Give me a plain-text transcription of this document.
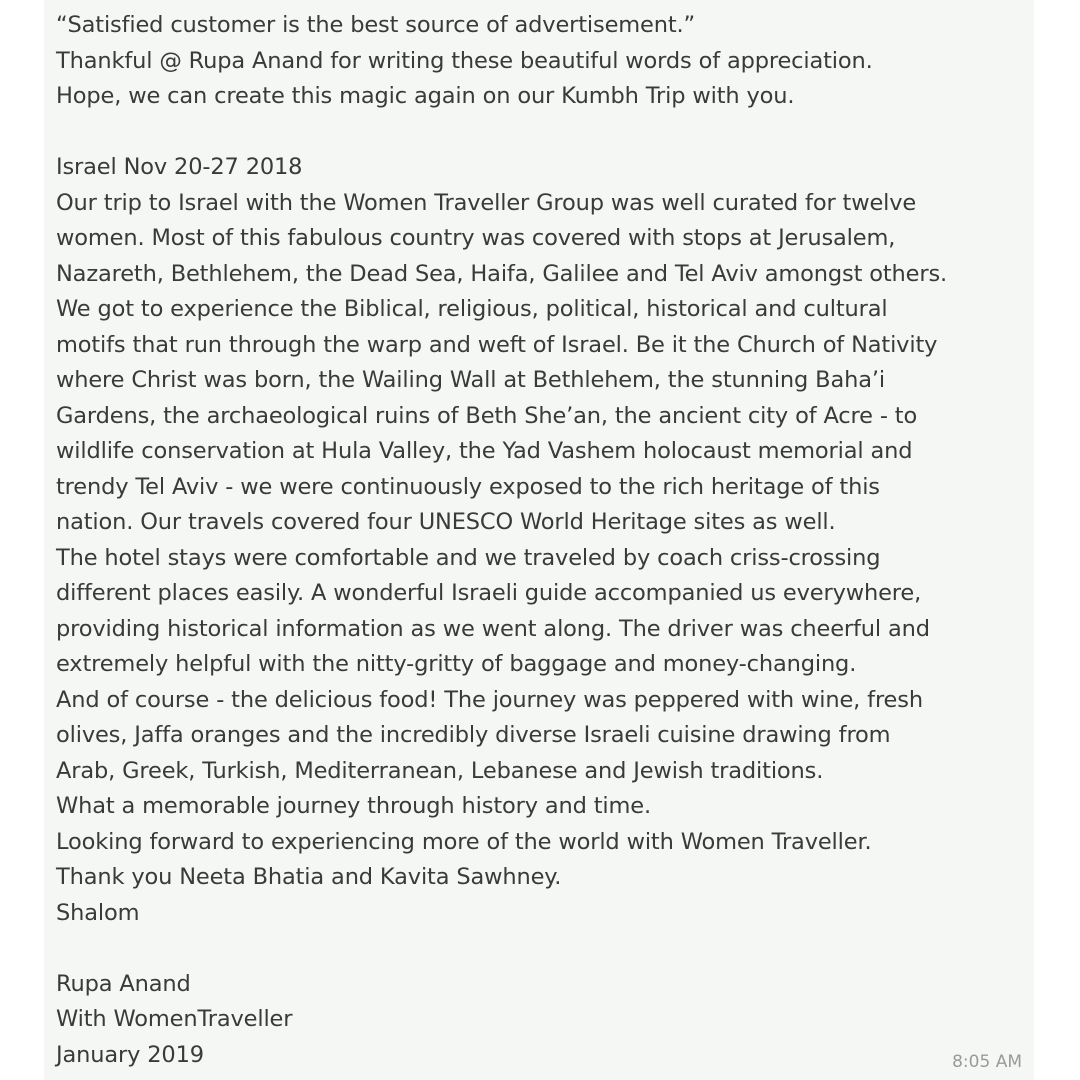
“Satisfied customer is the best source of advertisement.”
Thankful @ Rupa Anand for writing these beautiful words of appreciation.
Hope, we can create this magic again on our Kumbh Trip with you.
Israel Nov 20-27 2018
Our trip to Israel with the Women Traveller Group was well curated for twelve
women. Most of this fabulous country was covered with stops at Jerusalem,
Nazareth, Bethlehem, the Dead Sea, Haifa, Galilee and Tel Aviv amongst others.
We got to experience the Biblical, religious, political, historical and cultural
motifs that run through the warp and weft of Israel. Be it the Church of Nativity
where Christ was born, the Wailing Wall at Bethlehem, the stunning Baha’i
Gardens, the archaeological ruins of Beth She’an, the ancient city of Acre - to
wildlife conservation at Hula Valley, the Yad Vashem holocaust memorial and
trendy Tel Aviv - we were continuously exposed to the rich heritage of this
nation. Our travels covered four UNESCO World Heritage sites as well.
The hotel stays were comfortable and we traveled by coach criss-crossing
different places easily. A wonderful Israeli guide accompanied us everywhere,
providing historical information as we went along. The driver was cheerful and
extremely helpful with the nitty-gritty of baggage and money-changing.
And of course - the delicious food! The journey was peppered with wine, fresh
olives, Jaffa oranges and the incredibly diverse Israeli cuisine drawing from
Arab, Greek, Turkish, Mediterranean, Lebanese and Jewish traditions.
What a memorable journey through history and time.
Looking forward to experiencing more of the world with Women Traveller.
Thank you Neeta Bhatia and Kavita Sawhney.
Shalom
Rupa Anand
With WomenTraveller
January 2019	8:05 AM
